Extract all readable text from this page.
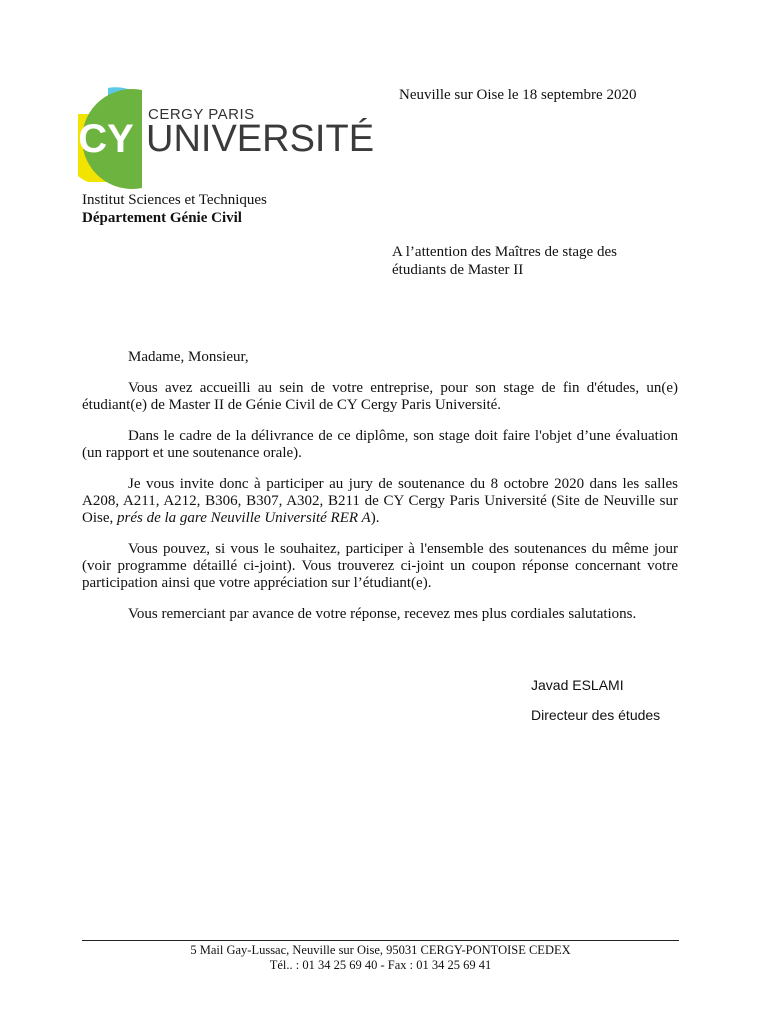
CY
CERGY PARIS
UNIVERSITÉ
Neuville sur Oise le 18 septembre 2020
Institut Sciences et Techniques
Département Génie Civil
A l’attention des Maîtres de stage des étudiants de Master II

Madame, Monsieur,

Vous avez accueilli au sein de votre entreprise, pour son stage de fin d'études, un(e) étudiant(e) de Master II de Génie Civil de CY Cergy Paris Université.

Dans le cadre de la délivrance de ce diplôme, son stage doit faire l'objet d’une évaluation (un rapport et une soutenance orale).

Je vous invite donc à participer au jury de soutenance du 8 octobre 2020 dans les salles A208, A211, A212, B306, B307, A302, B211 de CY Cergy Paris Université (Site de Neuville sur Oise, prés de la gare Neuville Université RER A).

Vous pouvez, si vous le souhaitez, participer à l'ensemble des soutenances du même jour (voir programme détaillé ci-joint). Vous trouverez ci-joint un coupon réponse concernant votre participation ainsi que votre appréciation sur l’étudiant(e).

Vous remerciant par avance de votre réponse, recevez mes plus cordiales salutations.

Javad ESLAMI
Directeur des études
5 Mail Gay-Lussac, Neuville sur Oise, 95031 CERGY-PONTOISE CEDEX
Tél.. : 01 34 25 69 40 - Fax : 01 34 25 69 41
